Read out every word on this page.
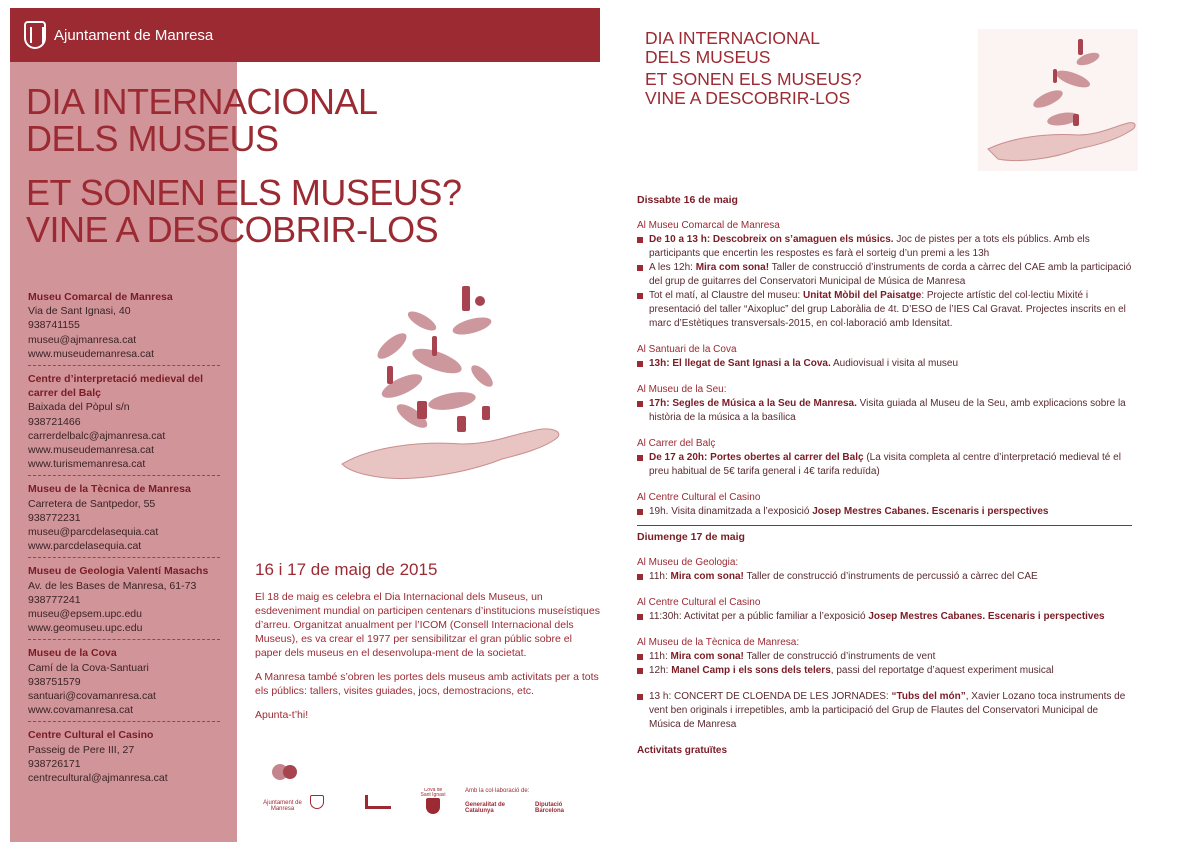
Ajuntament de Manresa
DIA INTERNACIONAL
DELS MUSEUS
ET SONEN ELS MUSEUS?
VINE A DESCOBRIR-LOS
Museu Comarcal de Manresa
Via de Sant Ignasi, 40
938741155
museu@ajmanresa.cat
www.museudemanresa.cat
Centre d’interpretació medieval del carrer del Balç
Baixada del Pòpul s/n
938721466
carrerdelbalc@ajmanresa.cat
www.museudemanresa.cat
www.turismemanresa.cat
Museu de la Tècnica de Manresa
Carretera de Santpedor, 55
938772231
museu@parcdelasequia.cat
www.parcdelasequia.cat
Museu de Geologia Valentí Masachs
Av. de les Bases de Manresa, 61-73
938777241
museu@epsem.upc.edu
www.geomuseu.upc.edu
Museu de la Cova
Camí de la Cova-Santuari
938751579
santuari@covamanresa.cat
www.covamanresa.cat
Centre Cultural el Casino
Passeig de Pere III, 27
938726171
centrecultural@ajmanresa.cat
16 i 17 de maig de 2015

El 18 de maig es celebra el Dia Internacional dels Museus, un esdeveniment mundial on participen centenars d’institucions museístiques d’arreu. Organitzat anualment per l’ICOM (Consell Internacional dels Museus), es va crear el 1977 per sensibilitzar el gran públic sobre el paper dels museus en el desenvolupa-ment de la societat.

A Manresa també s’obren les portes dels museus amb activitats per a tots els públics: tallers, visites guiades, jocs, demostracions, etc.

Apunta-t’hi!

Ajuntament de Manresa
Cova de Sant Ignasi
Amb la col·laboració de:
Generalitat de Catalunya
Diputació Barcelona
DIA INTERNACIONAL
DELS MUSEUS
ET SONEN ELS MUSEUS?
VINE A DESCOBRIR-LOS
Dissabte 16 de maig
Al Museu Comarcal de Manresa
De 10 a 13 h: Descobreix on s’amaguen els músics. Joc de pistes per a tots els públics. Amb els participants que encertin les respostes es farà el sorteig d’un premi a les 13h
A les 12h: Mira com sona! Taller de construcció d’instruments de corda a càrrec del CAE amb la participació del grup de guitarres del Conservatori Municipal de Música de Manresa
Tot el matí, al Claustre del museu: Unitat Mòbil del Paisatge: Projecte artístic del col·lectiu Mixité i presentació del taller “Aixopluc” del grup Laboràlia de 4t. D’ESO de l’IES Cal Gravat. Projectes inscrits en el marc d’Estètiques transversals-2015, en col·laboració amb Idensitat.
Al Santuari de la Cova
13h: El llegat de Sant Ignasi a la Cova. Audiovisual i visita al museu
Al Museu de la Seu:
17h: Segles de Música a la Seu de Manresa. Visita guiada al Museu de la Seu, amb explicacions sobre la història de la música a la basílica
Al Carrer del Balç
De 17 a 20h: Portes obertes al carrer del Balç (La visita completa al centre d’interpretació medieval té el preu habitual de 5€ tarifa general i 4€ tarifa reduïda)
Al Centre Cultural el Casino
19h. Visita dinamitzada a l’exposició Josep Mestres Cabanes. Escenaris i perspectives
Diumenge 17 de maig
Al Museu de Geologia:
11h: Mira com sona! Taller de construcció d’instruments de percussió a càrrec del CAE
Al Centre Cultural el Casino
11:30h: Activitat per a públic familiar a l’exposició Josep Mestres Cabanes. Escenaris i perspectives
Al Museu de la Tècnica de Manresa:
11h: Mira com sona! Taller de construcció d’instruments de vent
12h: Manel Camp i els sons dels telers, passi del reportatge d’aquest experiment musical
13 h: CONCERT DE CLOENDA DE LES JORNADES: “Tubs del món”, Xavier Lozano toca instruments de vent ben originals i irrepetibles, amb la participació del Grup de Flautes del Conservatori Municipal de Música de Manresa
Activitats gratuïtes
